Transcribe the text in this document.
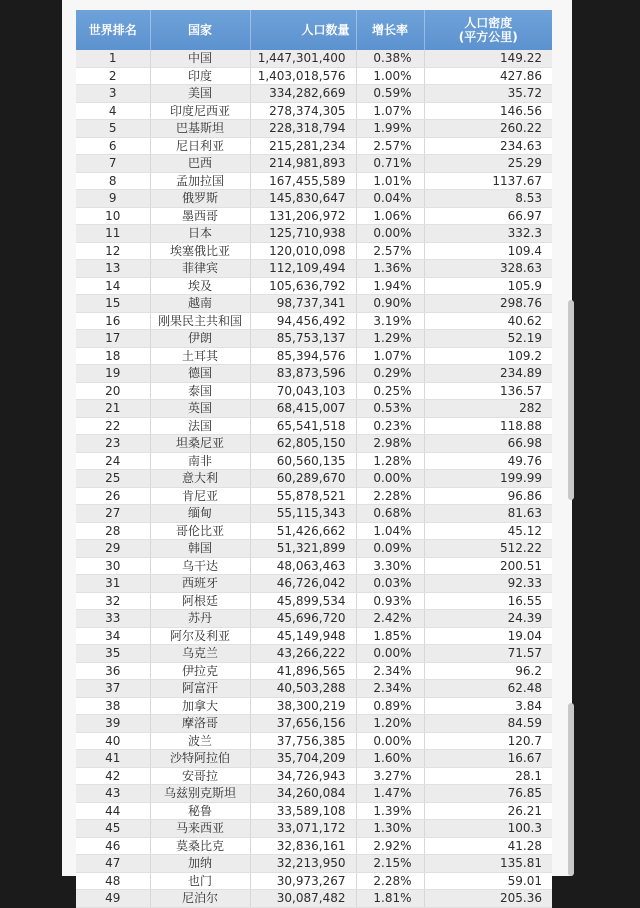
世界排名	国家	人口数量	增长率	人口密度
(平方公里)

1	中国	1,447,301,400	0.38%	149.22
2	印度	1,403,018,576	1.00%	427.86
3	美国	334,282,669	0.59%	35.72
4	印度尼西亚	278,374,305	1.07%	146.56
5	巴基斯坦	228,318,794	1.99%	260.22
6	尼日利亚	215,281,234	2.57%	234.63
7	巴西	214,981,893	0.71%	25.29
8	孟加拉国	167,455,589	1.01%	1137.67
9	俄罗斯	145,830,647	0.04%	8.53
10	墨西哥	131,206,972	1.06%	66.97
11	日本	125,710,938	0.00%	332.3
12	埃塞俄比亚	120,010,098	2.57%	109.4
13	菲律宾	112,109,494	1.36%	328.63
14	埃及	105,636,792	1.94%	105.9
15	越南	98,737,341	0.90%	298.76
16	刚果民主共和国	94,456,492	3.19%	40.62
17	伊朗	85,753,137	1.29%	52.19
18	土耳其	85,394,576	1.07%	109.2
19	德国	83,873,596	0.29%	234.89
20	泰国	70,043,103	0.25%	136.57
21	英国	68,415,007	0.53%	282
22	法国	65,541,518	0.23%	118.88
23	坦桑尼亚	62,805,150	2.98%	66.98
24	南非	60,560,135	1.28%	49.76
25	意大利	60,289,670	0.00%	199.99
26	肯尼亚	55,878,521	2.28%	96.86
27	缅甸	55,115,343	0.68%	81.63
28	哥伦比亚	51,426,662	1.04%	45.12
29	韩国	51,321,899	0.09%	512.22
30	乌干达	48,063,463	3.30%	200.51
31	西班牙	46,726,042	0.03%	92.33
32	阿根廷	45,899,534	0.93%	16.55
33	苏丹	45,696,720	2.42%	24.39
34	阿尔及利亚	45,149,948	1.85%	19.04
35	乌克兰	43,266,222	0.00%	71.57
36	伊拉克	41,896,565	2.34%	96.2
37	阿富汗	40,503,288	2.34%	62.48
38	加拿大	38,300,219	0.89%	3.84
39	摩洛哥	37,656,156	1.20%	84.59
40	波兰	37,756,385	0.00%	120.7
41	沙特阿拉伯	35,704,209	1.60%	16.67
42	安哥拉	34,726,943	3.27%	28.1
43	乌兹别克斯坦	34,260,084	1.47%	76.85
44	秘鲁	33,589,108	1.39%	26.21
45	马来西亚	33,071,172	1.30%	100.3
46	莫桑比克	32,836,161	2.92%	41.28
47	加纳	32,213,950	2.15%	135.81
48	也门	30,973,267	2.28%	59.01
49	尼泊尔	30,087,482	1.81%	205.36
